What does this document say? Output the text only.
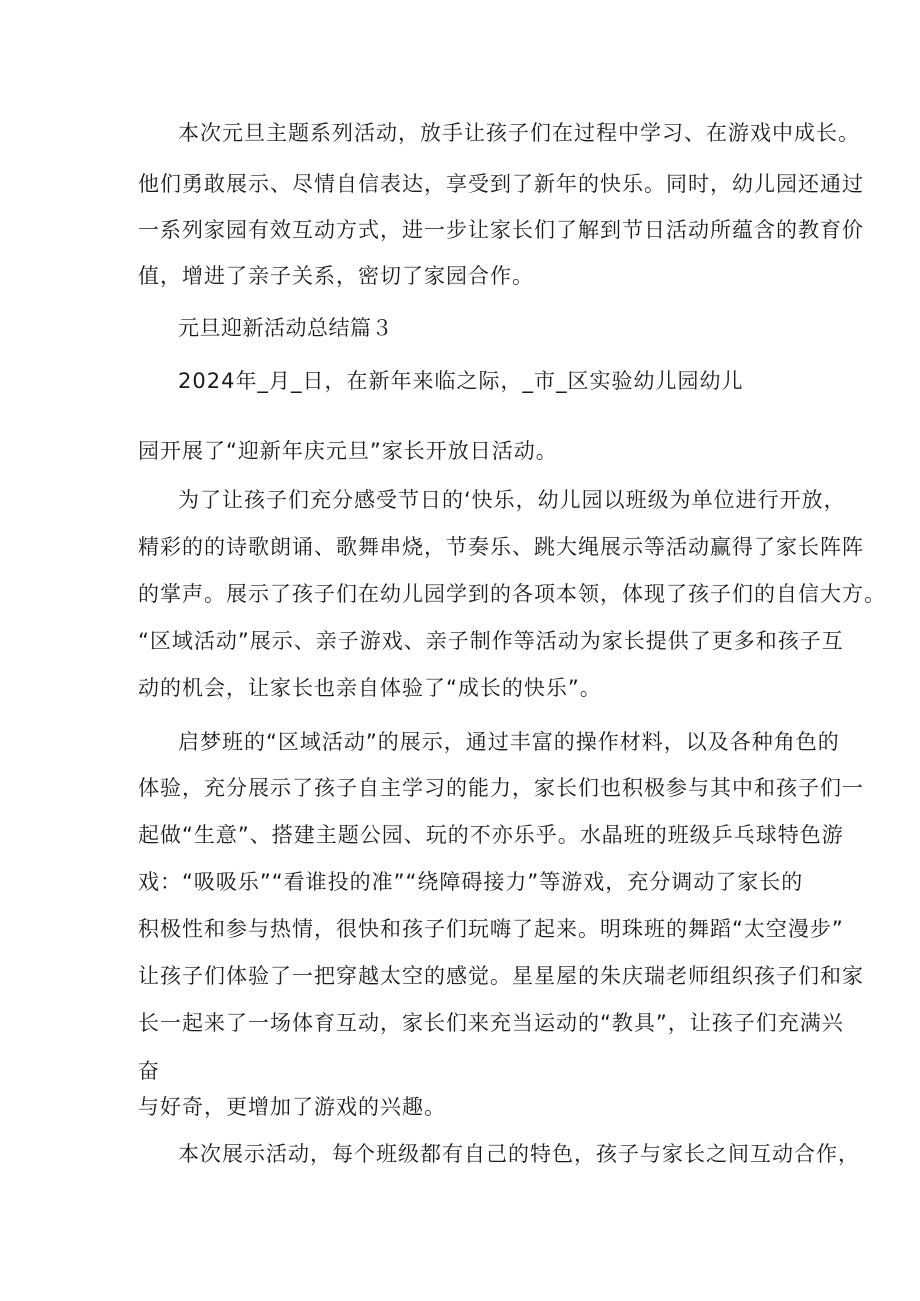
本次元旦主题系列活动，放手让孩子们在过程中学习、在游戏中成长。
他们勇敢展示、尽情自信表达，享受到了新年的快乐。同时，幼儿园还通过
一系列家园有效互动方式，进一步让家长们了解到节日活动所蕴含的教育价
值，增进了亲子关系，密切了家园合作。
元旦迎新活动总结篇３
2024年_月_日，在新年来临之际，_市_区实验幼儿园幼儿
园开展了“迎新年庆元旦”家长开放日活动。
为了让孩子们充分感受节日的‘快乐，幼儿园以班级为单位进行开放，
精彩的的诗歌朗诵、歌舞串烧，节奏乐、跳大绳展示等活动赢得了家长阵阵
的掌声。展示了孩子们在幼儿园学到的各项本领，体现了孩子们的自信大方。
“区域活动”展示、亲子游戏、亲子制作等活动为家长提供了更多和孩子互
动的机会，让家长也亲自体验了“成长的快乐”。
启梦班的“区域活动”的展示，通过丰富的操作材料，以及各种角色的
体验，充分展示了孩子自主学习的能力，家长们也积极参与其中和孩子们一
起做“生意”、搭建主题公园、玩的不亦乐乎。水晶班的班级乒乓球特色游
戏：“吸吸乐”“看谁投的准”“绕障碍接力”等游戏，充分调动了家长的
积极性和参与热情，很快和孩子们玩嗨了起来。明珠班的舞蹈“太空漫步”
让孩子们体验了一把穿越太空的感觉。星星屋的朱庆瑞老师组织孩子们和家
长一起来了一场体育互动，家长们来充当运动的“教具”，让孩子们充满兴
奋
与好奇，更增加了游戏的兴趣。
本次展示活动，每个班级都有自己的特色，孩子与家长之间互动合作，
